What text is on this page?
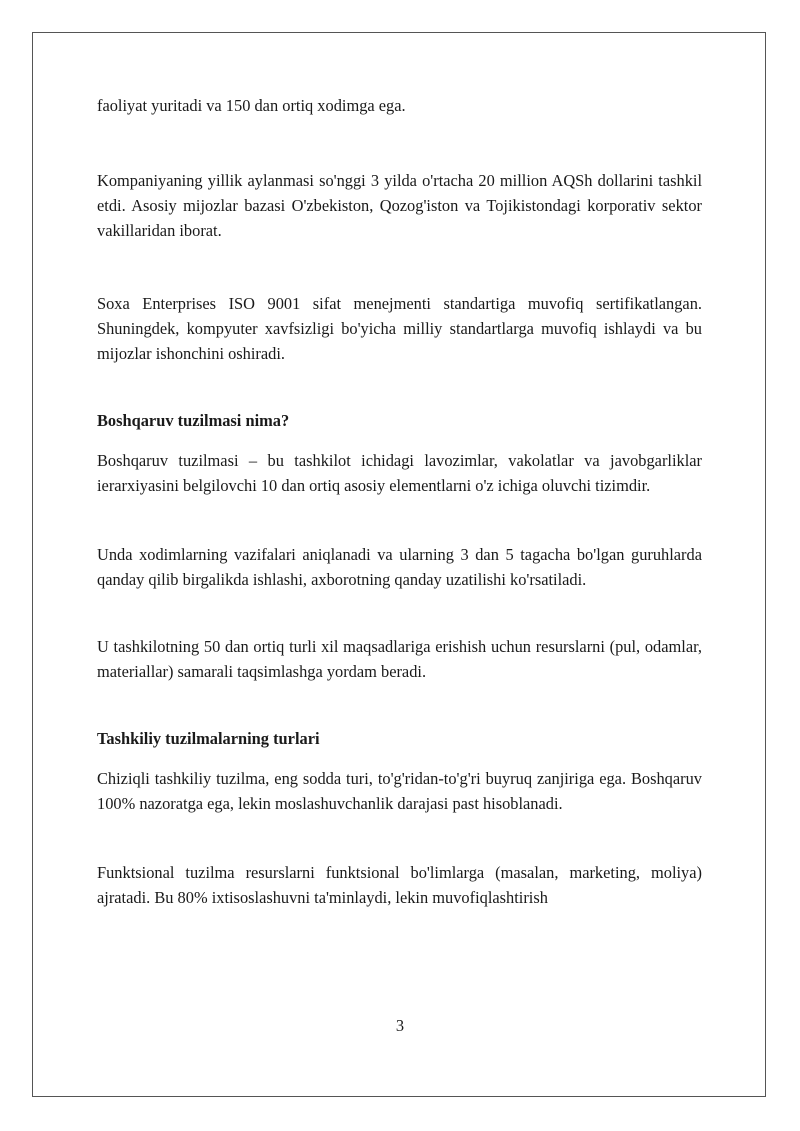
faoliyat yuritadi va 150 dan ortiq xodimga ega.

Kompaniyaning yillik aylanmasi so'nggi 3 yilda o'rtacha 20 million AQSh dollarini tashkil etdi. Asosiy mijozlar bazasi O'zbekiston, Qozog'iston va Tojikistondagi korporativ sektor vakillaridan iborat.

Soxa Enterprises ISO 9001 sifat menejmenti standartiga muvofiq sertifikatlangan. Shuningdek, kompyuter xavfsizligi bo'yicha milliy standartlarga muvofiq ishlaydi va bu mijozlar ishonchini oshiradi.

Boshqaruv tuzilmasi nima?

Boshqaruv tuzilmasi – bu tashkilot ichidagi lavozimlar, vakolatlar va javobgarliklar ierarxiyasini belgilovchi 10 dan ortiq asosiy elementlarni o'z ichiga oluvchi tizimdir.

Unda xodimlarning vazifalari aniqlanadi va ularning 3 dan 5 tagacha bo'lgan guruhlarda qanday qilib birgalikda ishlashi, axborotning qanday uzatilishi ko'rsatiladi.

U tashkilotning 50 dan ortiq turli xil maqsadlariga erishish uchun resurslarni (pul, odamlar, materiallar) samarali taqsimlashga yordam beradi.

Tashkiliy tuzilmalarning turlari

Chiziqli tashkiliy tuzilma, eng sodda turi, to'g'ridan-to'g'ri buyruq zanjiriga ega. Boshqaruv 100% nazoratga ega, lekin moslashuvchanlik darajasi past hisoblanadi.

Funktsional tuzilma resurslarni funktsional bo'limlarga (masalan, marketing, moliya) ajratadi. Bu 80% ixtisoslashuvni ta'minlaydi, lekin muvofiqlashtirish

3
